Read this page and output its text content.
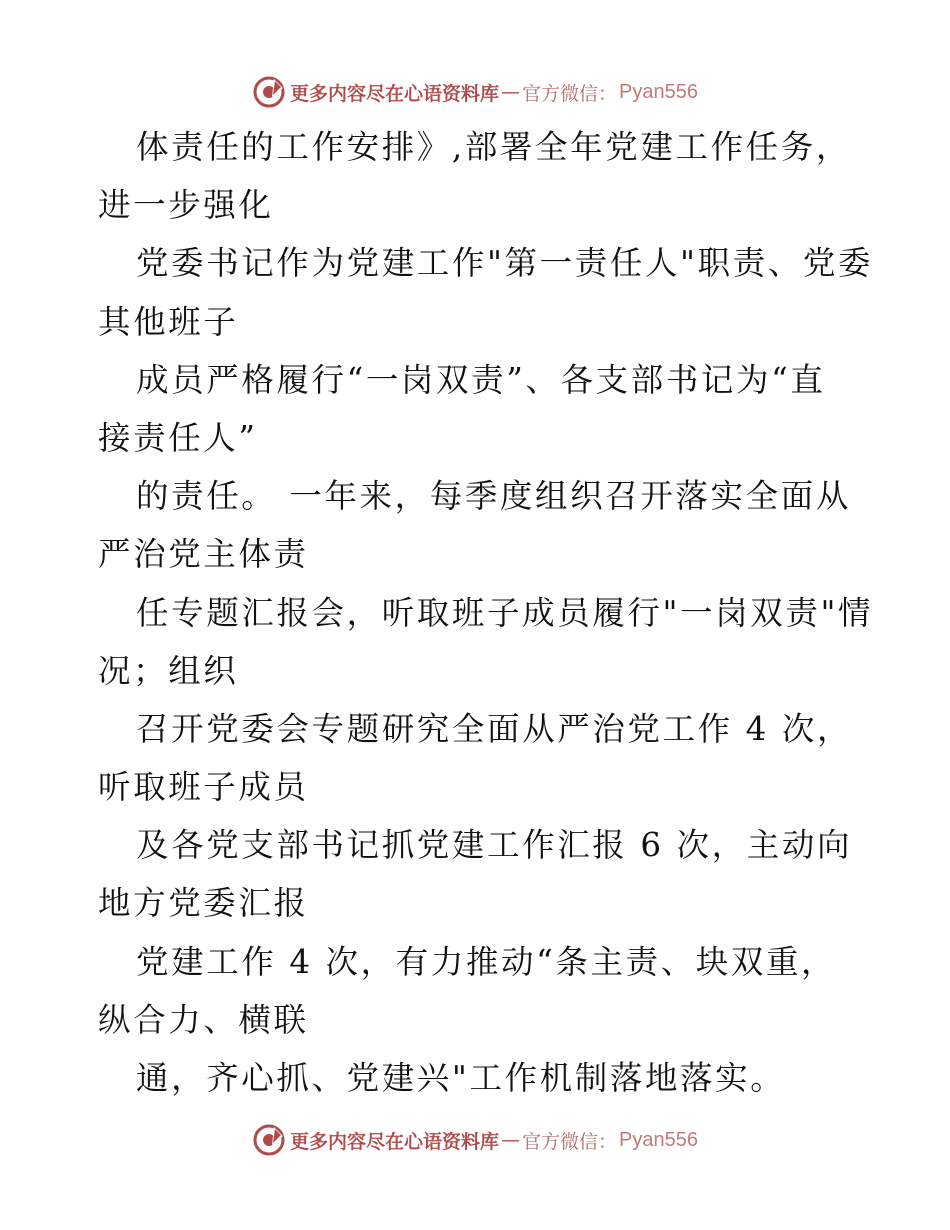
更多内容尽在心语资料库 — 官方微信： Pyan556
体责任的工作安排》,部署全年党建工作任务，
进一步强化
党委书记作为党建工作"第一责任人"职责、党委
其他班子
成员严格履行“一岗双责”、各支部书记为“直
接责任人”
的责任。 一年来，每季度组织召开落实全面从
严治党主体责
任专题汇报会，听取班子成员履行"一岗双责"情
况；组织
召开党委会专题研究全面从严治党工作 4 次，
听取班子成员
及各党支部书记抓党建工作汇报 6 次，主动向
地方党委汇报
党建工作 4 次，有力推动“条主责、块双重，
纵合力、横联
通，齐心抓、党建兴"工作机制落地落实。
更多内容尽在心语资料库 — 官方微信： Pyan556
